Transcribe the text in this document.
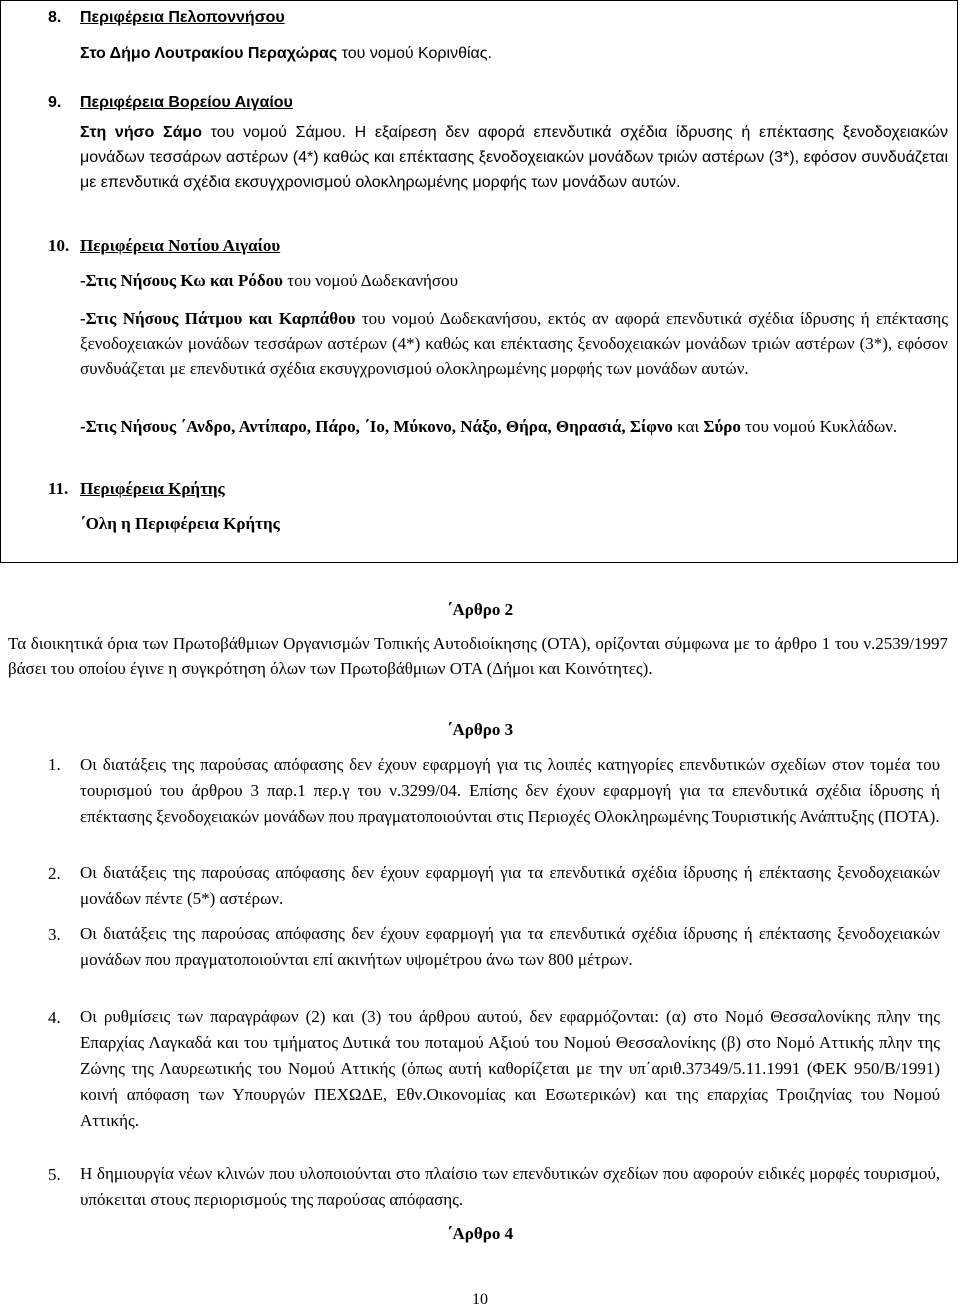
8. Περιφέρεια Πελοποννήσου
Στο Δήμο Λουτρακίου Περαχώρας του νομού Κορινθίας.
9. Περιφέρεια Βορείου Αιγαίου
Στη νήσο Σάμο του νομού Σάμου. Η εξαίρεση δεν αφορά επενδυτικά σχέδια ίδρυσης ή επέκτασης ξενοδοχειακών μονάδων τεσσάρων αστέρων (4*) καθώς και επέκτασης ξενοδοχειακών μονάδων τριών αστέρων (3*), εφόσον συνδυάζεται με επενδυτικά σχέδια εκσυγχρονισμού ολοκληρωμένης μορφής των μονάδων αυτών.
10. Περιφέρεια Νοτίου Αιγαίου
-Στις Νήσους Κω και Ρόδου του νομού Δωδεκανήσου
-Στις Νήσους Πάτμου και Καρπάθου του νομού Δωδεκανήσου, εκτός αν αφορά επενδυτικά σχέδια ίδρυσης ή επέκτασης ξενοδοχειακών μονάδων τεσσάρων αστέρων (4*) καθώς και επέκτασης ξενοδοχειακών μονάδων τριών αστέρων (3*), εφόσον συνδυάζεται με επενδυτικά σχέδια εκσυγχρονισμού ολοκληρωμένης μορφής των μονάδων αυτών.
-Στις Νήσους ΄Ανδρο, Αντίπαρο, Πάρο, ΄Ιο, Μύκονο, Νάξο, Θήρα, Θηρασιά, Σίφνο και Σύρο του νομού Κυκλάδων.
11. Περιφέρεια Κρήτης
΄Ολη η Περιφέρεια Κρήτης
΄Αρθρο 2
Τα διοικητικά όρια των Πρωτοβάθμιων Οργανισμών Τοπικής Αυτοδιοίκησης (ΟΤΑ), ορίζονται σύμφωνα με το άρθρο 1 του ν.2539/1997 βάσει του οποίου έγινε η συγκρότηση όλων των Πρωτοβάθμιων ΟΤΑ (Δήμοι και Κοινότητες).
΄Αρθρο 3
1. Οι διατάξεις της παρούσας απόφασης δεν έχουν εφαρμογή για τις λοιπές κατηγορίες επενδυτικών σχεδίων στον τομέα του τουρισμού του άρθρου 3 παρ.1 περ.γ του ν.3299/04. Επίσης δεν έχουν εφαρμογή για τα επενδυτικά σχέδια ίδρυσης ή επέκτασης ξενοδοχειακών μονάδων που πραγματοποιούνται στις Περιοχές Ολοκληρωμένης Τουριστικής Ανάπτυξης (ΠΟΤΑ).
2. Οι διατάξεις της παρούσας απόφασης δεν έχουν εφαρμογή για τα επενδυτικά σχέδια ίδρυσης ή επέκτασης ξενοδοχειακών μονάδων πέντε (5*) αστέρων.
3. Οι διατάξεις της παρούσας απόφασης δεν έχουν εφαρμογή για τα επενδυτικά σχέδια ίδρυσης ή επέκτασης ξενοδοχειακών μονάδων που πραγματοποιούνται επί ακινήτων υψομέτρου άνω των 800 μέτρων.
4. Οι ρυθμίσεις των παραγράφων (2) και (3) του άρθρου αυτού, δεν εφαρμόζονται: (α) στο Νομό Θεσσαλονίκης πλην της Επαρχίας Λαγκαδά και του τμήματος Δυτικά του ποταμού Αξιού του Νομού Θεσσαλονίκης (β) στο Νομό Αττικής πλην της Ζώνης της Λαυρεωτικής του Νομού Αττικής (όπως αυτή καθορίζεται με την υπ΄αριθ.37349/5.11.1991 (ΦΕΚ 950/Β/1991) κοινή απόφαση των Υπουργών ΠΕΧΩΔΕ, Εθν.Οικονομίας και Εσωτερικών) και της επαρχίας Τροιζηνίας του Νομού Αττικής.
5. Η δημιουργία νέων κλινών που υλοποιούνται στο πλαίσιο των επενδυτικών σχεδίων που αφορούν ειδικές μορφές τουρισμού, υπόκειται στους περιορισμούς της παρούσας απόφασης.
΄Αρθρο 4
10
